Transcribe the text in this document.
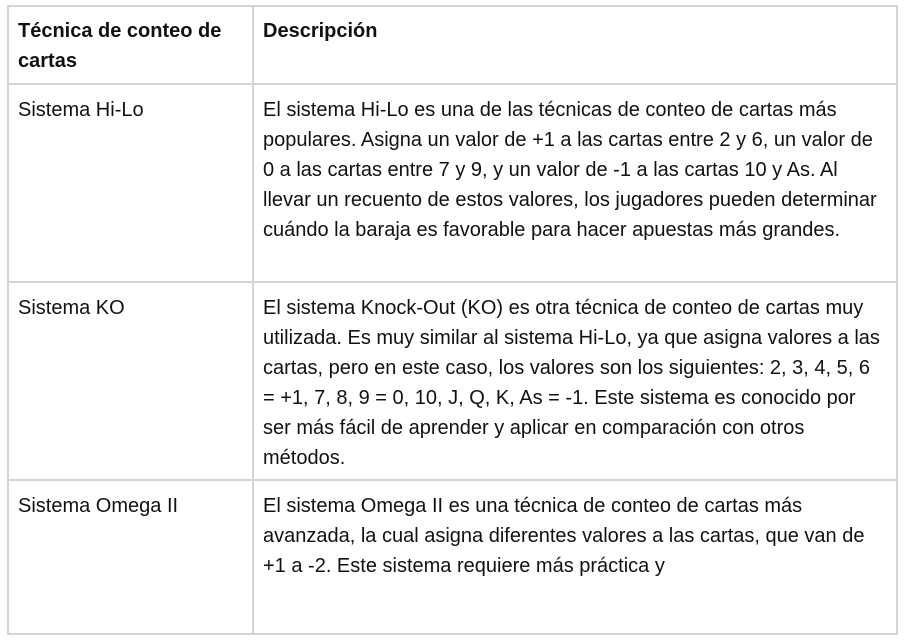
Técnica de conteo de cartas	Descripción
Sistema Hi-Lo	El sistema Hi-Lo es una de las técnicas de conteo de cartas más populares. Asigna un valor de +1 a las cartas entre 2 y 6, un valor de 0 a las cartas entre 7 y 9, y un valor de -1 a las cartas 10 y As. Al llevar un recuento de estos valores, los jugadores pueden determinar cuándo la baraja es favorable para hacer apuestas más grandes.
Sistema KO	El sistema Knock-Out (KO) es otra técnica de conteo de cartas muy utilizada. Es muy similar al sistema Hi-Lo, ya que asigna valores a las cartas, pero en este caso, los valores son los siguientes: 2, 3, 4, 5, 6 = +1, 7, 8, 9 = 0, 10, J, Q, K, As = -1. Este sistema es conocido por ser más fácil de aprender y aplicar en comparación con otros métodos.
Sistema Omega II	El sistema Omega II es una técnica de conteo de cartas más avanzada, la cual asigna diferentes valores a las cartas, que van de +1 a -2. Este sistema requiere más práctica y
